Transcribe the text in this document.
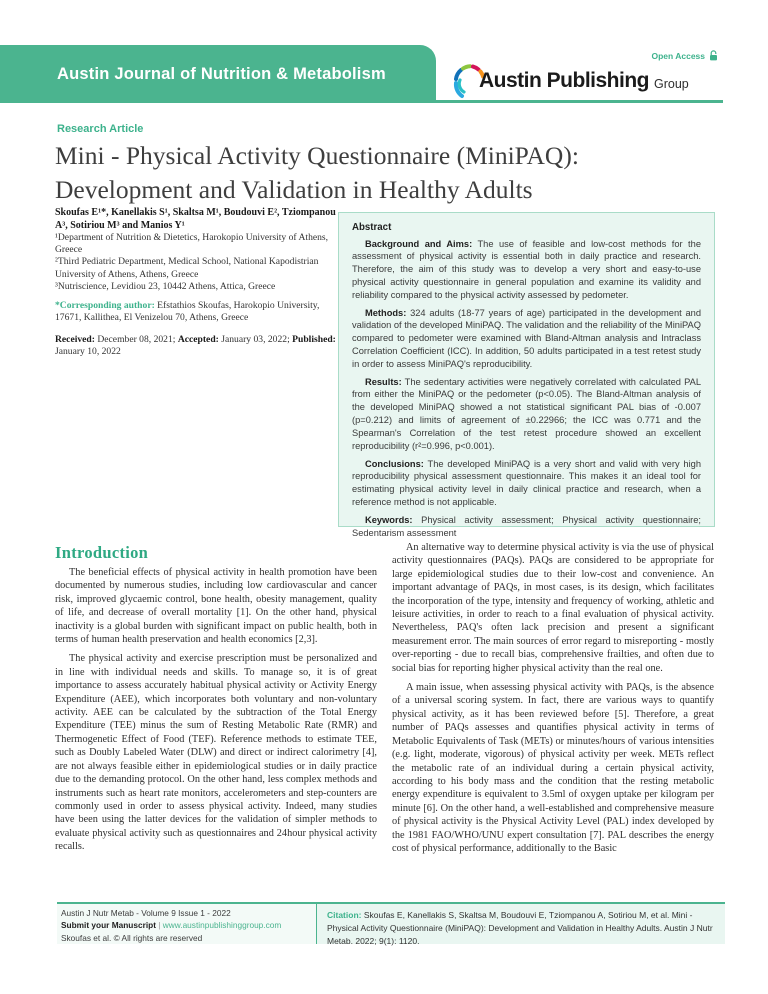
Austin Journal of Nutrition & Metabolism
Open Access
Austin Publishing Group
Research Article
Mini - Physical Activity Questionnaire (MiniPAQ): Development and Validation in Healthy Adults
Skoufas E¹*, Kanellakis S¹, Skaltsa M¹, Boudouvi E², Tziompanou A³, Sotiriou M³ and Manios Y¹
¹Department of Nutrition & Dietetics, Harokopio University of Athens, Greece
²Third Pediatric Department, Medical School, National Kapodistrian University of Athens, Athens, Greece
³Nutriscience, Levidiou 23, 10442 Athens, Attica, Greece
*Corresponding author: Efstathios Skoufas, Harokopio University, 17671, Kallithea, El Venizelou 70, Athens, Greece
Received: December 08, 2021; Accepted: January 03, 2022; Published: January 10, 2022
Abstract

Background and Aims: The use of feasible and low-cost methods for the assessment of physical activity is essential both in daily practice and research. Therefore, the aim of this study was to develop a very short and easy-to-use physical activity questionnaire in general population and examine its validity and reliability compared to the physical activity assessed by pedometer.

Methods: 324 adults (18-77 years of age) participated in the development and validation of the developed MiniPAQ. The validation and the reliability of the MiniPAQ compared to pedometer were examined with Bland-Altman analysis and Intraclass Correlation Coefficient (ICC). In addition, 50 adults participated in a test retest study in order to assess MiniPAQ's reproducibility.

Results: The sedentary activities were negatively correlated with calculated PAL from either the MiniPAQ or the pedometer (p<0.05). The Bland-Altman analysis of the developed MiniPAQ showed a not statistical significant PAL bias of -0.007 (p=0.212) and limits of agreement of ±0.22966; the ICC was 0.771 and the Spearman's Correlation of the test retest procedure showed an excellent reproducibility (r²=0.996, p<0.001).

Conclusions: The developed MiniPAQ is a very short and valid with very high reproducibility physical assessment questionnaire. This makes it an ideal tool for estimating physical activity level in daily clinical practice and research, when a reference method is not applicable.

Keywords: Physical activity assessment; Physical activity questionnaire; Sedentarism assessment

Introduction

The beneficial effects of physical activity in health promotion have been documented by numerous studies, including low cardiovascular and cancer risk, improved glycaemic control, bone health, obesity management, quality of life, and decrease of overall mortality [1]. On the other hand, physical inactivity is a global burden with significant impact on public health, both in terms of human health preservation and health economics [2,3].

The physical activity and exercise prescription must be personalized and in line with individual needs and skills. To manage so, it is of great importance to assess accurately habitual physical activity or Activity Energy Expenditure (AEE), which incorporates both voluntary and non-voluntary activity. AEE can be calculated by the subtraction of the Total Energy Expenditure (TEE) minus the sum of Resting Metabolic Rate (RMR) and Thermogenetic Effect of Food (TEF). Reference methods to estimate TEE, such as Doubly Labeled Water (DLW) and direct or indirect calorimetry [4], are not always feasible either in epidemiological studies or in daily practice due to the demanding protocol. On the other hand, less complex methods and instruments such as heart rate monitors, accelerometers and step-counters are commonly used in order to assess physical activity. Indeed, many studies have been using the latter devices for the validation of simpler methods to evaluate physical activity such as questionnaires and 24hour physical activity recalls.

An alternative way to determine physical activity is via the use of physical activity questionnaires (PAQs). PAQs are considered to be appropriate for large epidemiological studies due to their low-cost and convenience. An important advantage of PAQs, in most cases, is its design, which facilitates the incorporation of the type, intensity and frequency of working, athletic and leisure activities, in order to reach to a final evaluation of physical activity. Nevertheless, PAQ's often lack precision and present a significant measurement error. The main sources of error regard to misreporting - mostly over-reporting - due to recall bias, comprehensive frailties, and often due to social bias for reporting higher physical activity than the real one.

A main issue, when assessing physical activity with PAQs, is the absence of a universal scoring system. In fact, there are various ways to quantify physical activity, as it has been reviewed before [5]. Therefore, a great number of PAQs assesses and quantifies physical activity in terms of Metabolic Equivalents of Task (METs) or minutes/hours of various intensities (e.g. light, moderate, vigorous) of physical activity per week. METs reflect the metabolic rate of an individual during a certain physical activity, according to his body mass and the condition that the resting metabolic energy expenditure is equivalent to 3.5ml of oxygen uptake per kilogram per minute [6]. On the other hand, a well-established and comprehensive measure of physical activity is the Physical Activity Level (PAL) index developed by the 1981 FAO/WHO/UNU expert consultation [7]. PAL describes the energy cost of physical performance, additionally to the Basic

Austin J Nutr Metab - Volume 9 Issue 1 - 2022
Submit your Manuscript | www.austinpublishinggroup.com
Skoufas et al. © All rights are reserved
Citation: Skoufas E, Kanellakis S, Skaltsa M, Boudouvi E, Tziompanou A, Sotiriou M, et al. Mini - Physical Activity Questionnaire (MiniPAQ): Development and Validation in Healthy Adults. Austin J Nutr Metab. 2022; 9(1): 1120.
